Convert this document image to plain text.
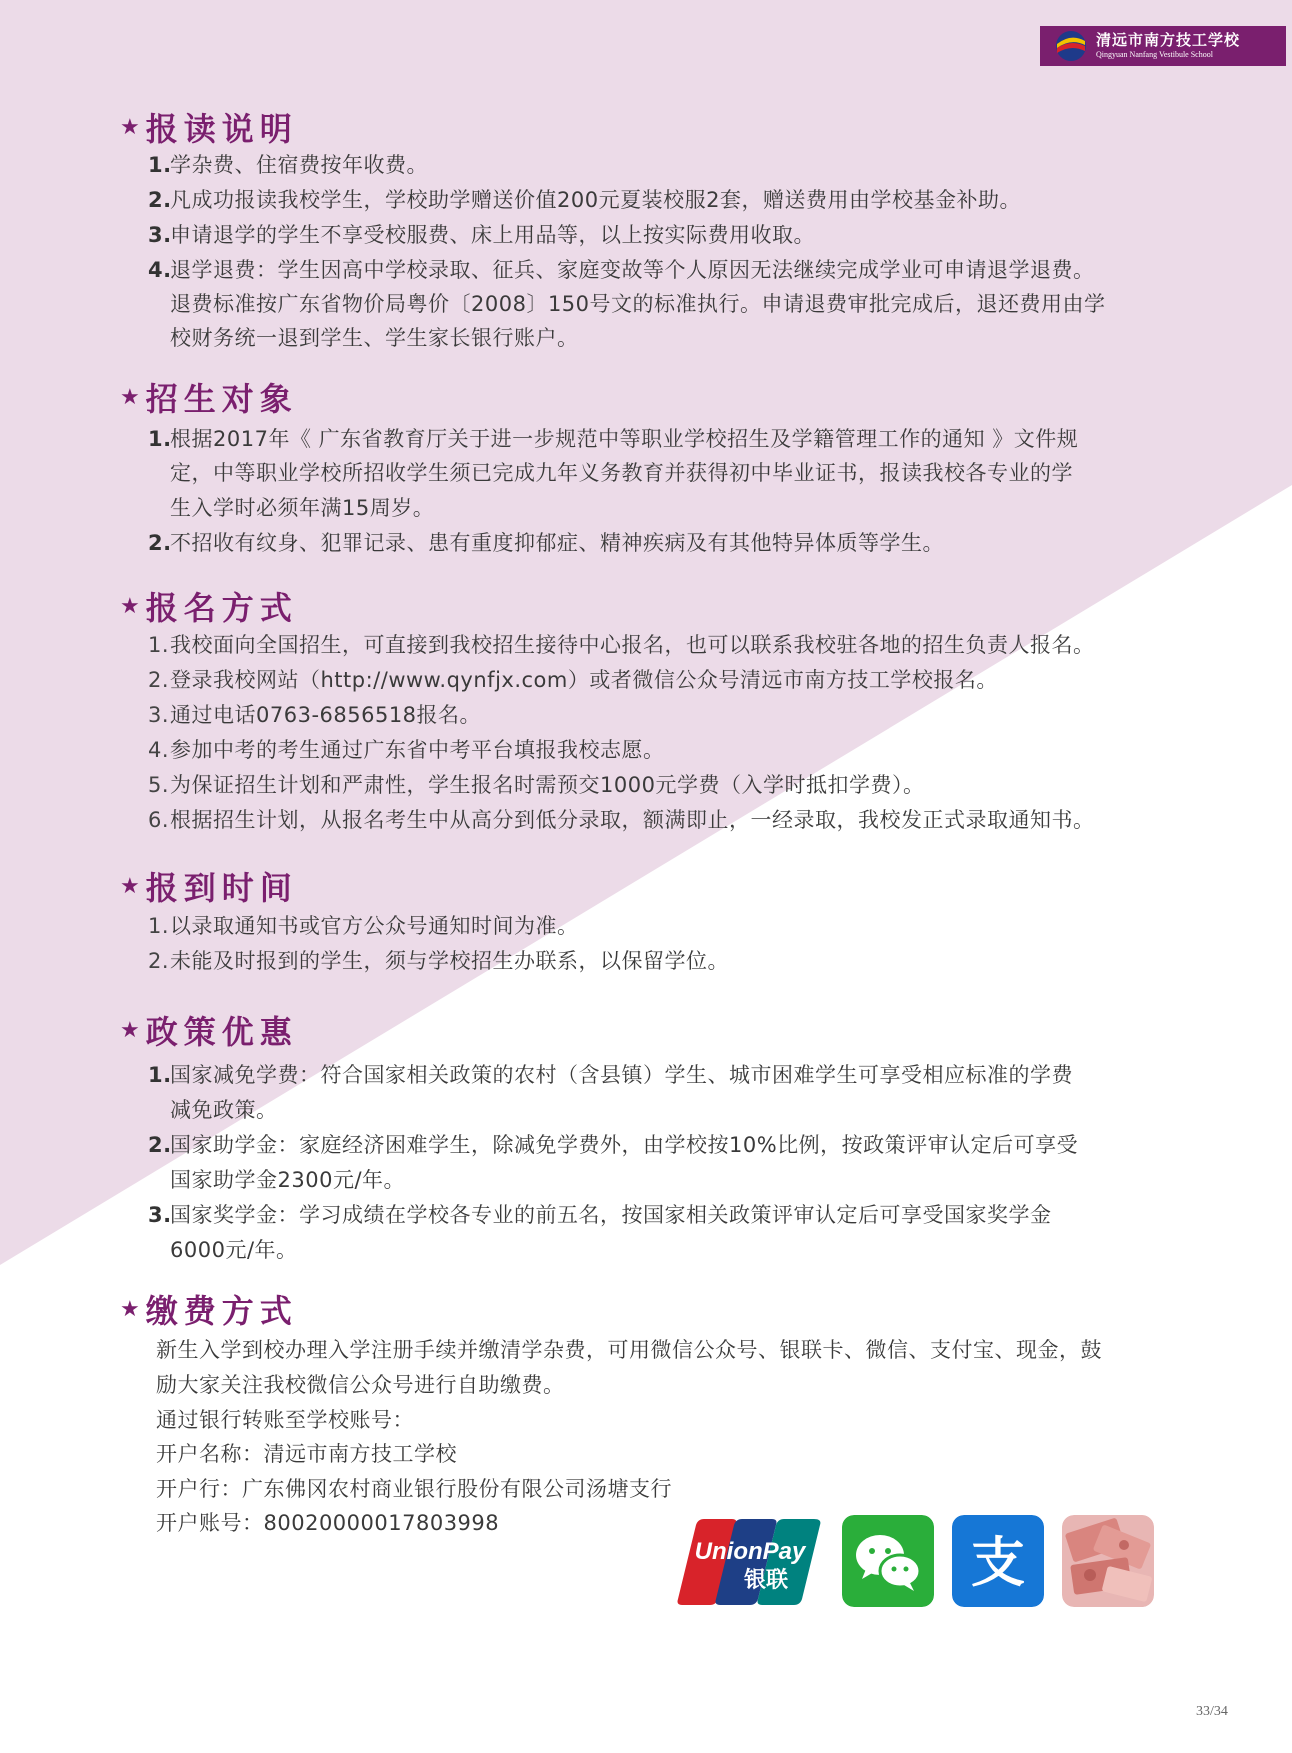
清远市南方技工学校
Qingyuan Nanfang Vestibule School
★ 报读说明
1.学杂费、住宿费按年收费。
2.凡成功报读我校学生，学校助学赠送价值200元夏装校服2套，赠送费用由学校基金补助。
3.申请退学的学生不享受校服费、床上用品等，以上按实际费用收取。
4.退学退费：学生因高中学校录取、征兵、家庭变故等个人原因无法继续完成学业可申请退学退费。
退费标准按广东省物价局粤价〔2008〕150号文的标准执行。申请退费审批完成后，退还费用由学
校财务统一退到学生、学生家长银行账户。
★ 招生对象
1.根据2017年《 广东省教育厅关于进一步规范中等职业学校招生及学籍管理工作的通知 》文件规
定，中等职业学校所招收学生须已完成九年义务教育并获得初中毕业证书，报读我校各专业的学
生入学时必须年满15周岁。
2.不招收有纹身、犯罪记录、患有重度抑郁症、精神疾病及有其他特异体质等学生。
★ 报名方式
1.我校面向全国招生，可直接到我校招生接待中心报名，也可以联系我校驻各地的招生负责人报名。
2.登录我校网站（http://www.qynfjx.com）或者微信公众号清远市南方技工学校报名。
3.通过电话0763-6856518报名。
4.参加中考的考生通过广东省中考平台填报我校志愿。
5.为保证招生计划和严肃性，学生报名时需预交1000元学费（入学时抵扣学费）。
6.根据招生计划，从报名考生中从高分到低分录取，额满即止，一经录取，我校发正式录取通知书。
★ 报到时间
1.以录取通知书或官方公众号通知时间为准。
2.未能及时报到的学生，须与学校招生办联系，以保留学位。
★ 政策优惠
1.国家减免学费：符合国家相关政策的农村（含县镇）学生、城市困难学生可享受相应标准的学费
减免政策。
2.国家助学金：家庭经济困难学生，除减免学费外，由学校按10%比例，按政策评审认定后可享受
国家助学金2300元/年。
3.国家奖学金：学习成绩在学校各专业的前五名，按国家相关政策评审认定后可享受国家奖学金
6000元/年。
★ 缴费方式
新生入学到校办理入学注册手续并缴清学杂费，可用微信公众号、银联卡、微信、支付宝、现金，鼓
励大家关注我校微信公众号进行自助缴费。
通过银行转账至学校账号：
开户名称：清远市南方技工学校
开户行：广东佛冈农村商业银行股份有限公司汤塘支行
开户账号：80020000017803998
UnionPay
银联	支
33/34
